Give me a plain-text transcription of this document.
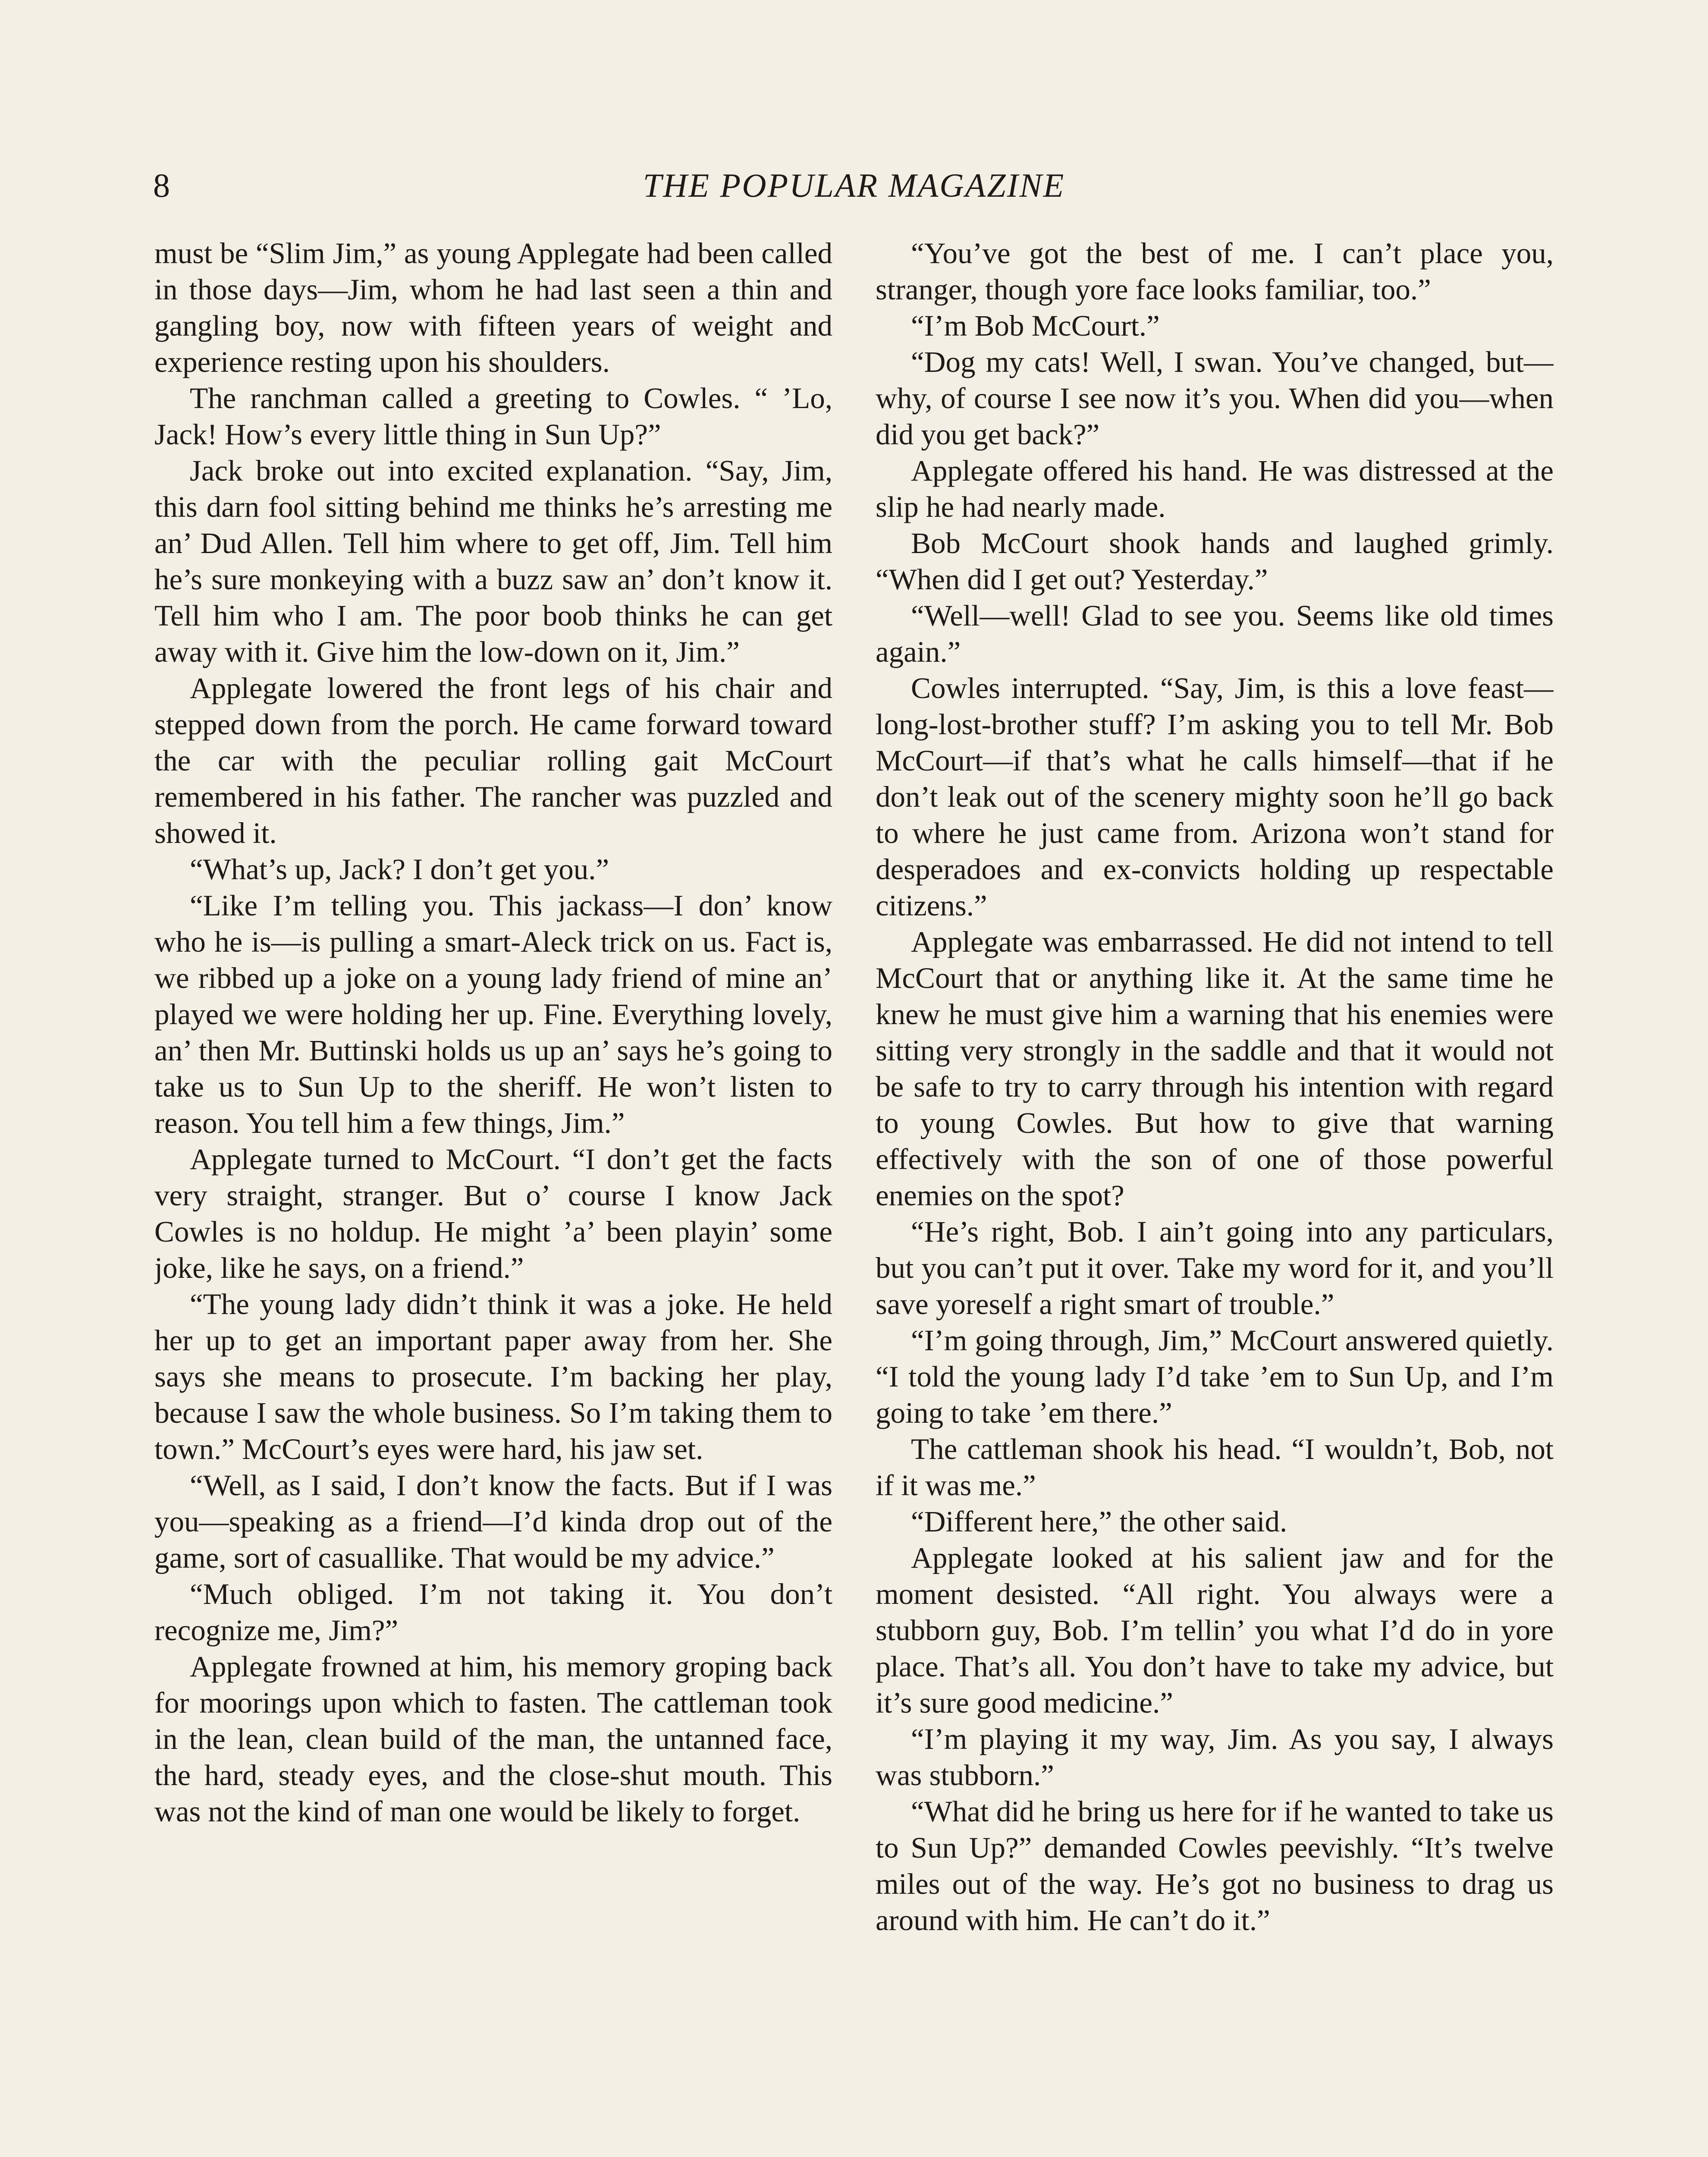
8	THE POPULAR MAGAZINE

must be “Slim Jim,” as young Applegate had been called in those days—Jim, whom he had last seen a thin and gangling boy, now with fifteen years of weight and experience resting upon his shoulders.

The ranchman called a greeting to Cowles. “ ’Lo, Jack! How’s every little thing in Sun Up?”

Jack broke out into excited explanation. “Say, Jim, this darn fool sitting behind me thinks he’s arresting me an’ Dud Allen. Tell him where to get off, Jim. Tell him he’s sure monkeying with a buzz saw an’ don’t know it. Tell him who I am. The poor boob thinks he can get away with it. Give him the low-down on it, Jim.”

Applegate lowered the front legs of his chair and stepped down from the porch. He came forward toward the car with the peculiar rolling gait McCourt remembered in his father. The rancher was puzzled and showed it.

“What’s up, Jack? I don’t get you.”

“Like I’m telling you. This jackass—I don’ know who he is—is pulling a smart-Aleck trick on us. Fact is, we ribbed up a joke on a young lady friend of mine an’ played we were holding her up. Fine. Everything lovely, an’ then Mr. Buttinski holds us up an’ says he’s going to take us to Sun Up to the sheriff. He won’t listen to reason. You tell him a few things, Jim.”

Applegate turned to McCourt. “I don’t get the facts very straight, stranger. But o’ course I know Jack Cowles is no holdup. He might ’a’ been playin’ some joke, like he says, on a friend.”

“The young lady didn’t think it was a joke. He held her up to get an important paper away from her. She says she means to prosecute. I’m backing her play, because I saw the whole business. So I’m taking them to town.” McCourt’s eyes were hard, his jaw set.

“Well, as I said, I don’t know the facts. But if I was you—speaking as a friend—I’d kinda drop out of the game, sort of casuallike. That would be my advice.”

“Much obliged. I’m not taking it. You don’t recognize me, Jim?”

Applegate frowned at him, his memory groping back for moorings upon which to fasten. The cattleman took in the lean, clean build of the man, the untanned face, the hard, steady eyes, and the close-shut mouth. This was not the kind of man one would be likely to forget.

“You’ve got the best of me. I can’t place you, stranger, though yore face looks familiar, too.”

“I’m Bob McCourt.”

“Dog my cats! Well, I swan. You’ve changed, but—why, of course I see now it’s you. When did you—when did you get back?”

Applegate offered his hand. He was distressed at the slip he had nearly made.

Bob McCourt shook hands and laughed grimly. “When did I get out? Yesterday.”

“Well—well! Glad to see you. Seems like old times again.”

Cowles interrupted. “Say, Jim, is this a love feast—long-lost-brother stuff? I’m asking you to tell Mr. Bob McCourt—if that’s what he calls himself—that if he don’t leak out of the scenery mighty soon he’ll go back to where he just came from. Arizona won’t stand for desperadoes and ex-convicts holding up respectable citizens.”

Applegate was embarrassed. He did not intend to tell McCourt that or anything like it. At the same time he knew he must give him a warning that his enemies were sitting very strongly in the saddle and that it would not be safe to try to carry through his intention with regard to young Cowles. But how to give that warning effectively with the son of one of those powerful enemies on the spot?

“He’s right, Bob. I ain’t going into any particulars, but you can’t put it over. Take my word for it, and you’ll save yoreself a right smart of trouble.”

“I’m going through, Jim,” McCourt answered quietly. “I told the young lady I’d take ’em to Sun Up, and I’m going to take ’em there.”

The cattleman shook his head. “I wouldn’t, Bob, not if it was me.”

“Different here,” the other said.

Applegate looked at his salient jaw and for the moment desisted. “All right. You always were a stubborn guy, Bob. I’m tellin’ you what I’d do in yore place. That’s all. You don’t have to take my advice, but it’s sure good medicine.”

“I’m playing it my way, Jim. As you say, I always was stubborn.”

“What did he bring us here for if he wanted to take us to Sun Up?” demanded Cowles peevishly. “It’s twelve miles out of the way. He’s got no business to drag us around with him. He can’t do it.”
